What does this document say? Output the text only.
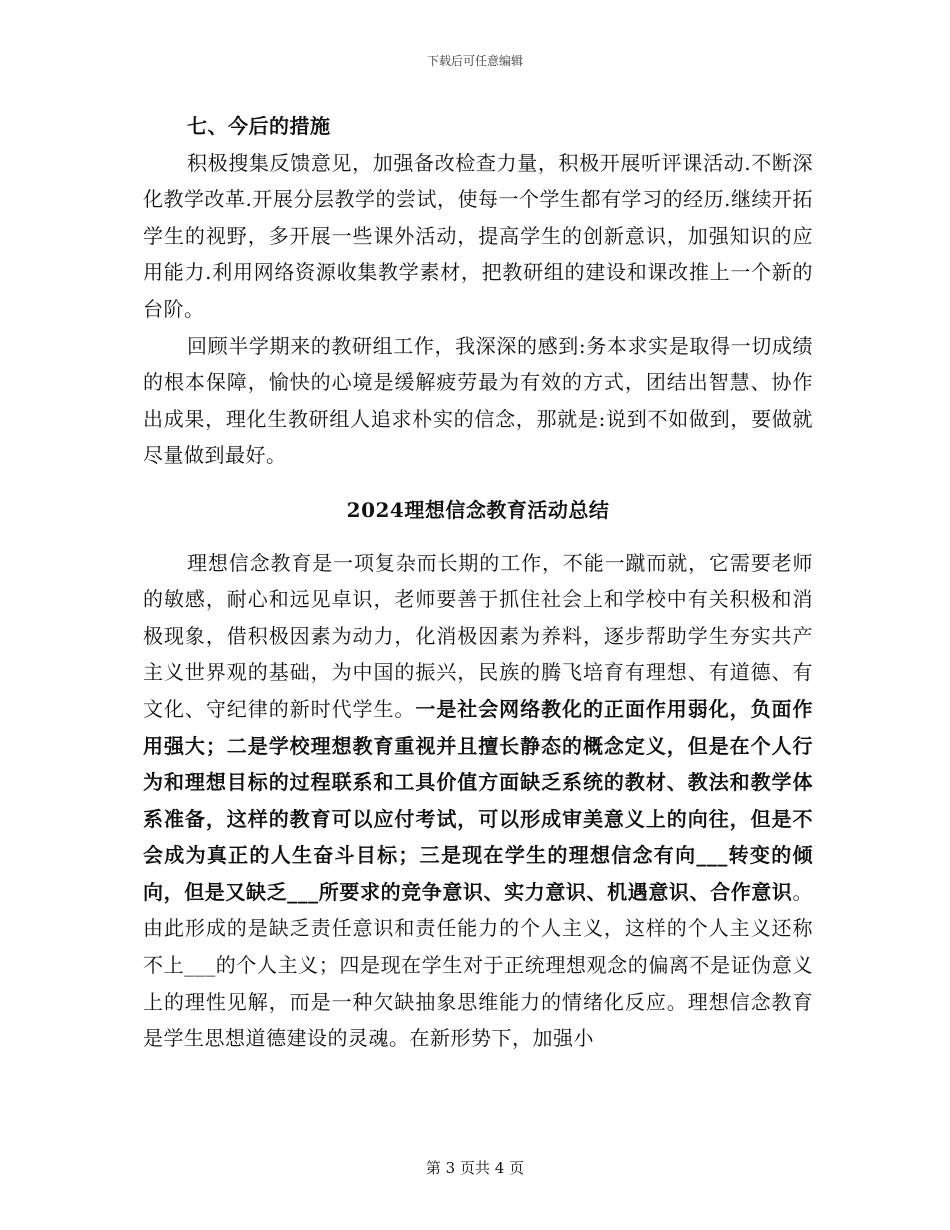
下载后可任意编辑

七、今后的措施

积极搜集反馈意见，加强备改检查力量，积极开展听评课活动.不断深化教学改革.开展分层教学的尝试，使每一个学生都有学习的经历.继续开拓学生的视野，多开展一些课外活动，提高学生的创新意识，加强知识的应用能力.利用网络资源收集教学素材，把教研组的建设和课改推上一个新的台阶。

回顾半学期来的教研组工作，我深深的感到:务本求实是取得一切成绩的根本保障，愉快的心境是缓解疲劳最为有效的方式，团结出智慧、协作出成果，理化生教研组人追求朴实的信念，那就是:说到不如做到，要做就尽量做到最好。

2024理想信念教育活动总结

理想信念教育是一项复杂而长期的工作，不能一蹴而就，它需要老师的敏感，耐心和远见卓识，老师要善于抓住社会上和学校中有关积极和消极现象，借积极因素为动力，化消极因素为养料，逐步帮助学生夯实共产主义世界观的基础，为中国的振兴，民族的腾飞培育有理想、有道德、有文化、守纪律的新时代学生。一是社会网络教化的正面作用弱化，负面作用强大；二是学校理想教育重视并且擅长静态的概念定义，但是在个人行为和理想目标的过程联系和工具价值方面缺乏系统的教材、教法和教学体系准备，这样的教育可以应付考试，可以形成审美意义上的向往，但是不会成为真正的人生奋斗目标；三是现在学生的理想信念有向___转变的倾向，但是又缺乏___所要求的竞争意识、实力意识、机遇意识、合作意识。由此形成的是缺乏责任意识和责任能力的个人主义，这样的个人主义还称不上___的个人主义；四是现在学生对于正统理想观念的偏离不是证伪意义上的理性见解，而是一种欠缺抽象思维能力的情绪化反应。理想信念教育是学生思想道德建设的灵魂。在新形势下，加强小

第 3 页共 4 页
